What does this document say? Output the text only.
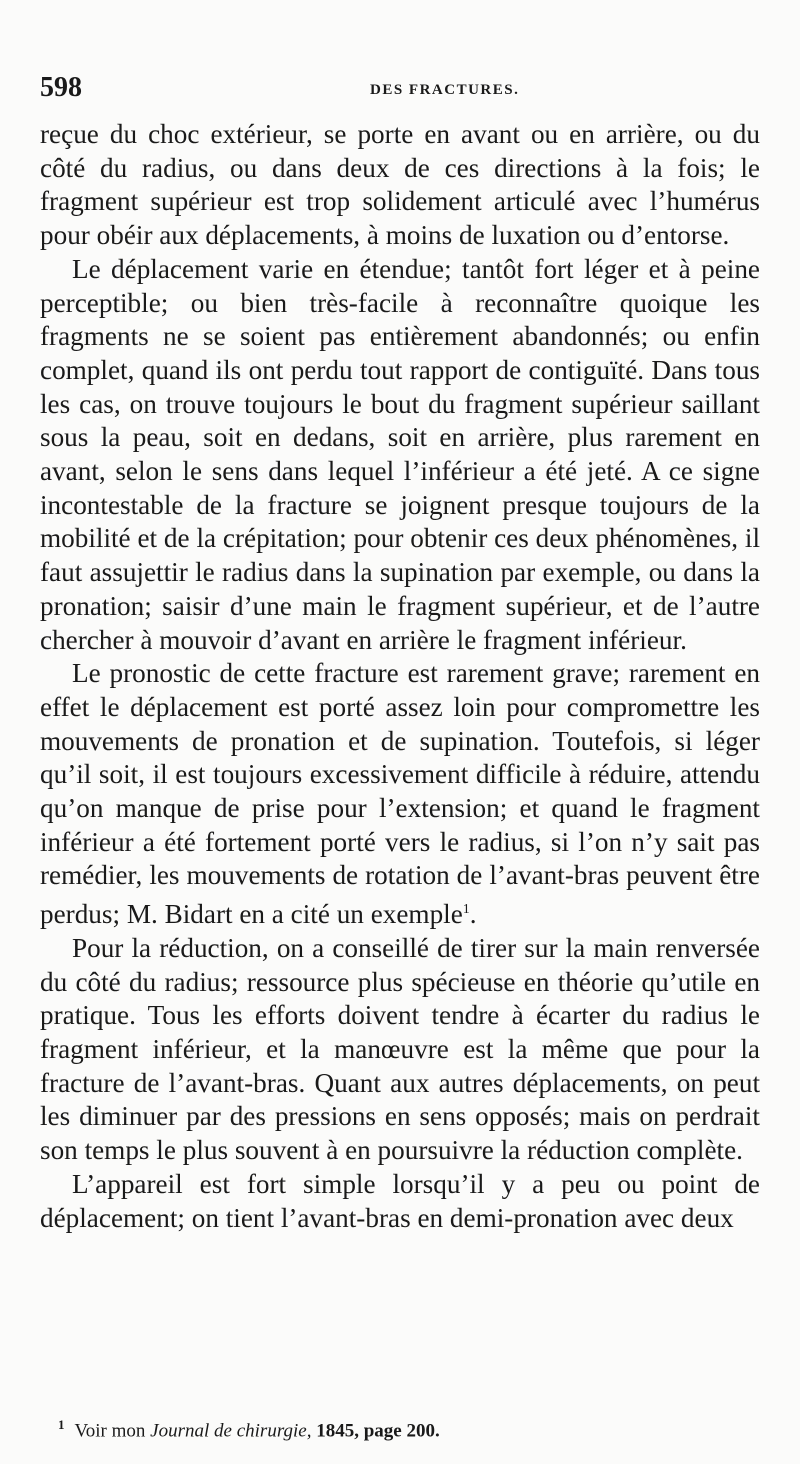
598	DES FRACTURES.

reçue du choc extérieur, se porte en avant ou en arrière, ou du côté du radius, ou dans deux de ces directions à la fois; le fragment supérieur est trop solidement articulé avec l’humérus pour obéir aux déplacements, à moins de luxation ou d’entorse.

Le déplacement varie en étendue; tantôt fort léger et à peine perceptible; ou bien très-facile à reconnaître quoique les fragments ne se soient pas entièrement abandonnés; ou enfin complet, quand ils ont perdu tout rapport de contiguïté. Dans tous les cas, on trouve toujours le bout du fragment supérieur saillant sous la peau, soit en dedans, soit en arrière, plus rarement en avant, selon le sens dans lequel l’inférieur a été jeté. A ce signe incontestable de la fracture se joignent presque toujours de la mobilité et de la crépitation; pour obtenir ces deux phénomènes, il faut assujettir le radius dans la supination par exemple, ou dans la pronation; saisir d’une main le fragment supérieur, et de l’autre chercher à mouvoir d’avant en arrière le fragment inférieur.

Le pronostic de cette fracture est rarement grave; rarement en effet le déplacement est porté assez loin pour compromettre les mouvements de pronation et de supination. Toutefois, si léger qu’il soit, il est toujours excessivement difficile à réduire, attendu qu’on manque de prise pour l’extension; et quand le fragment inférieur a été fortement porté vers le radius, si l’on n’y sait pas remédier, les mouvements de rotation de l’avant-bras peuvent être perdus; M. Bidart en a cité un exemple$^1$.

Pour la réduction, on a conseillé de tirer sur la main renversée du côté du radius; ressource plus spécieuse en théorie qu’utile en pratique. Tous les efforts doivent tendre à écarter du radius le fragment inférieur, et la manœuvre est la même que pour la fracture de l’avant-bras. Quant aux autres déplacements, on peut les diminuer par des pressions en sens opposés; mais on perdrait son temps le plus souvent à en poursuivre la réduction complète.

L’appareil est fort simple lorsqu’il y a peu ou point de déplacement; on tient l’avant-bras en demi-pronation avec deux

$^1$ Voir mon Journal de chirurgie, 1845, page 200.
